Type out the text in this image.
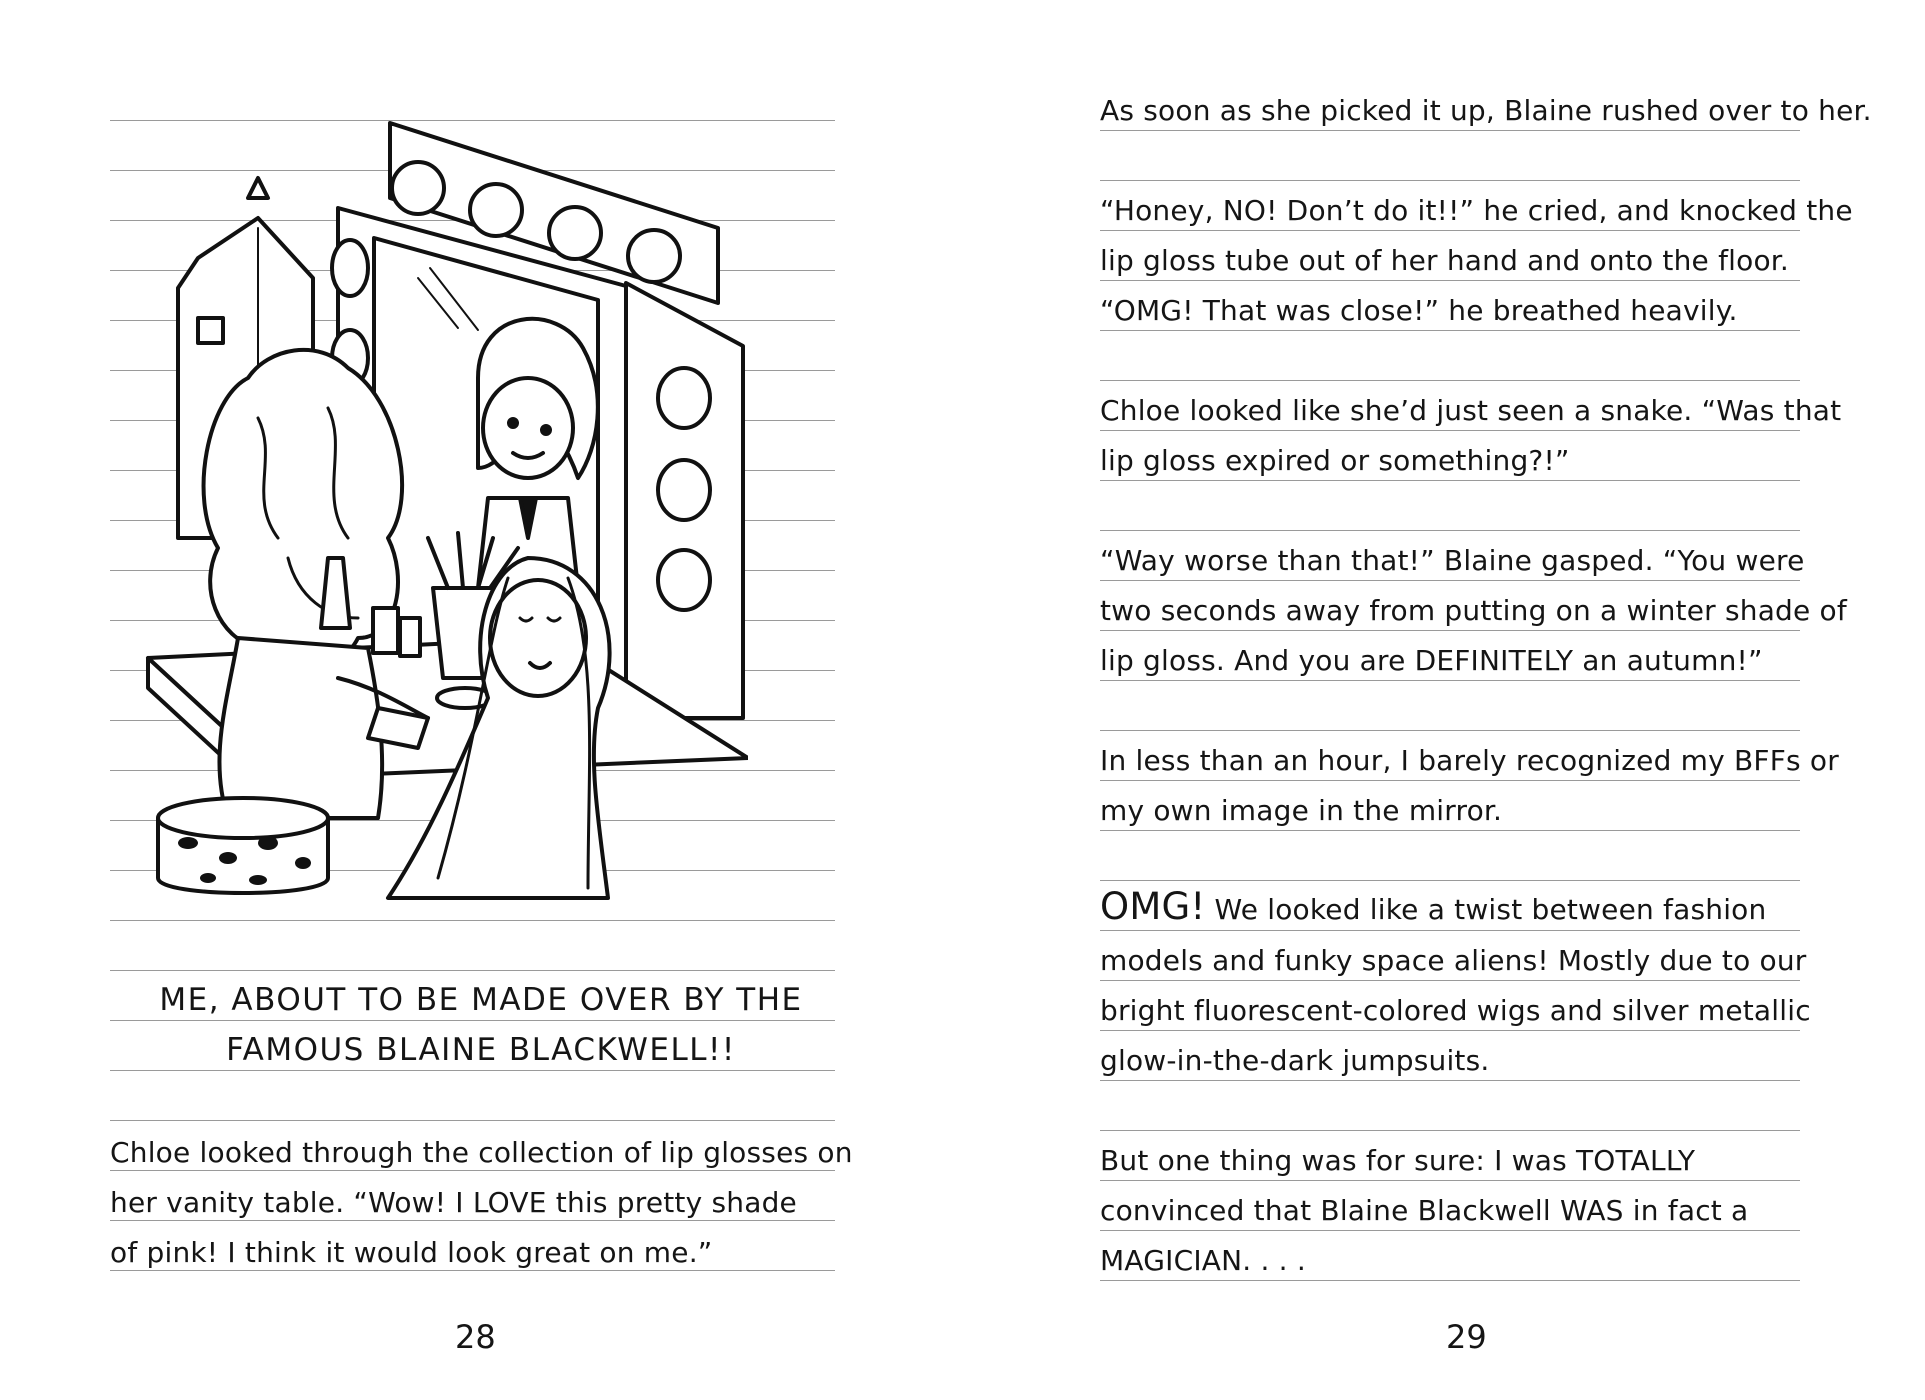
ME, ABOUT TO BE MADE OVER BY THE
FAMOUS BLAINE BLACKWELL!!
Chloe looked through the collection of lip glosses on
her vanity table. “Wow! I LOVE this pretty shade
of pink! I think it would look great on me.”
28
As soon as she picked it up, Blaine rushed over to her.
“Honey, NO! Don’t do it!!” he cried, and knocked the
lip gloss tube out of her hand and onto the floor.
“OMG! That was close!” he breathed heavily.
Chloe looked like she’d just seen a snake. “Was that
lip gloss expired or something?!”
“Way worse than that!” Blaine gasped. “You were
two seconds away from putting on a winter shade of
lip gloss. And you are DEFINITELY an autumn!”
In less than an hour, I barely recognized my BFFs or
my own image in the mirror.
OMG! We looked like a twist between fashion
models and funky space aliens! Mostly due to our
bright fluorescent-colored wigs and silver metallic
glow-in-the-dark jumpsuits.
But one thing was for sure: I was TOTALLY
convinced that Blaine Blackwell WAS in fact a
MAGICIAN. . . .
29
